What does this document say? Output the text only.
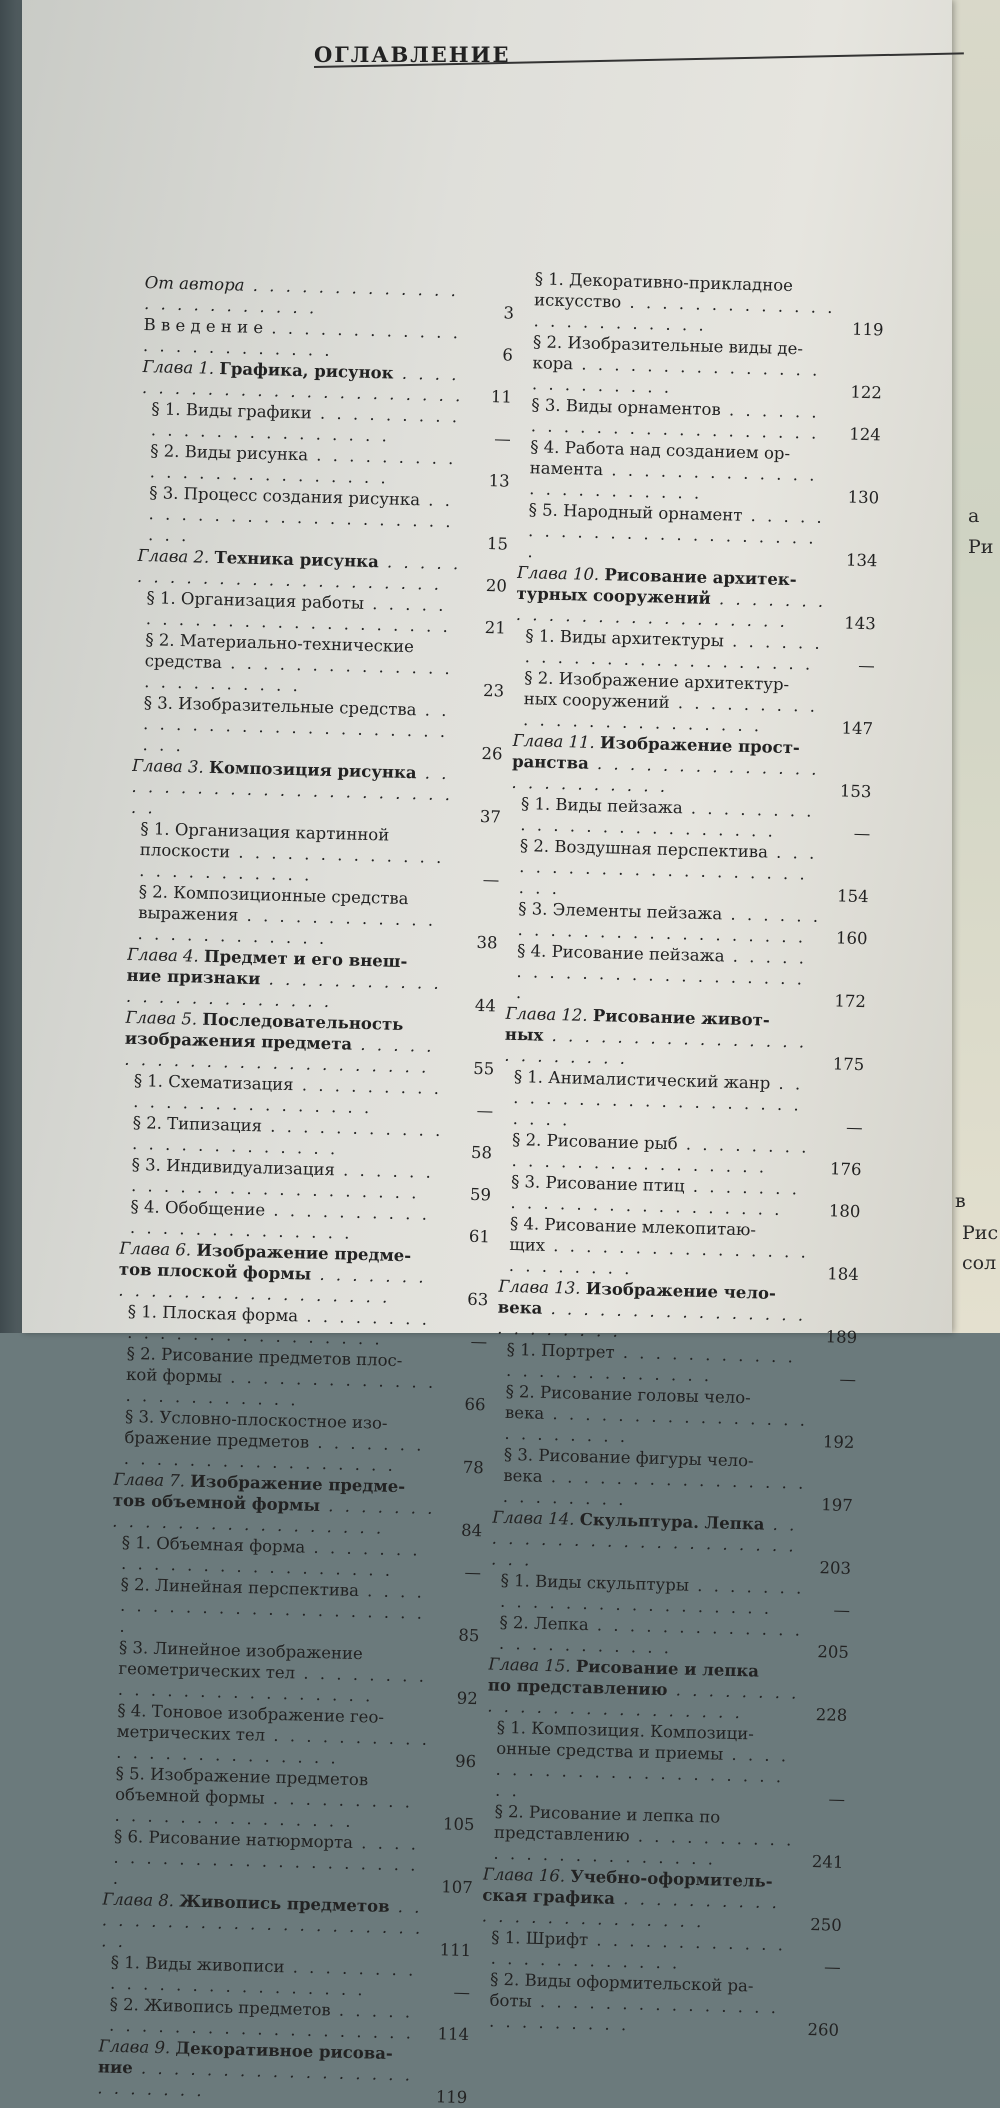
а
Ри
Рис
сол
в
ОГЛАВЛЕНИЕ
От автора . . .
3
В в е д е н и е . . .
6
Глава 1. Графика, рисунок . . .
11
§ 1. Виды графики . . .
—
§ 2. Виды рисунка . . .
13
§ 3. Процесс создания рисунка . . .
15
Глава 2. Техника рисунка . . .
20
§ 1. Организация работы . . .
21
§ 2. Материально-технические
средства . . .
23
§ 3. Изобразительные средства . . .
26
Глава 3. Композиция рисунка . . .
37
§ 1. Организация картинной
плоскости . . .
—
§ 2. Композиционные средства
выражения . . .
38
Глава 4. Предмет и его внеш-
ние признаки . . .
44
Глава 5. Последовательность
изображения предмета . . .
55
§ 1. Схематизация . . .
—
§ 2. Типизация . . .
58
§ 3. Индивидуализация . . .
59
§ 4. Обобщение . . .
61
Глава 6. Изображение предме-
тов плоской формы . . .
63
§ 1. Плоская форма . . .
—
§ 2. Рисование предметов плос-
кой формы . . .
66
§ 3. Условно-плоскостное изо-
бражение предметов . . .
78
Глава 7. Изображение предме-
тов объемной формы . . .
84
§ 1. Объемная форма . . .
—
§ 2. Линейная перспектива . . .
85
§ 3. Линейное изображение
геометрических тел . . .
92
§ 4. Тоновое изображение гео-
метрических тел . . .
96
§ 5. Изображение предметов
объемной формы . . .
105
§ 6. Рисование натюрморта . . .
107
Глава 8. Живопись предметов . . .
111
§ 1. Виды живописи . . .
—
§ 2. Живопись предметов . . .
114
Глава 9. Декоративное рисова-
ние . . .
119
§ 1. Декоративно-прикладное
искусство . . .
119
§ 2. Изобразительные виды де-
кора . . .
122
§ 3. Виды орнаментов . . .
124
§ 4. Работа над созданием ор-
намента . . .
130
§ 5. Народный орнамент . . .
134
Глава 10. Рисование архитек-
турных сооружений . . .
143
§ 1. Виды архитектуры . . .
—
§ 2. Изображение архитектур-
ных сооружений . . .
147
Глава 11. Изображение прост-
ранства . . .
153
§ 1. Виды пейзажа . . .
—
§ 2. Воздушная перспектива . . .
154
§ 3. Элементы пейзажа . . .
160
§ 4. Рисование пейзажа . . .
172
Глава 12. Рисование живот-
ных . . .
175
§ 1. Анималистический жанр . . .
—
§ 2. Рисование рыб . . .
176
§ 3. Рисование птиц . . .
180
§ 4. Рисование млекопитаю-
щих . . .
184
Глава 13. Изображение чело-
века . . .
189
§ 1. Портрет . . .
—
§ 2. Рисование головы чело-
века . . .
192
§ 3. Рисование фигуры чело-
века . . .
197
Глава 14. Скульптура. Лепка . . .
203
§ 1. Виды скульптуры . . .
—
§ 2. Лепка . . .
205
Глава 15. Рисование и лепка
по представлению . . .
228
§ 1. Композиция. Композици-
онные средства и приемы . . .
—
§ 2. Рисование и лепка по
представлению . . .
241
Глава 16. Учебно-оформитель-
ская графика . . .
250
§ 1. Шрифт . . .
—
§ 2. Виды оформительской ра-
боты . . .
260
